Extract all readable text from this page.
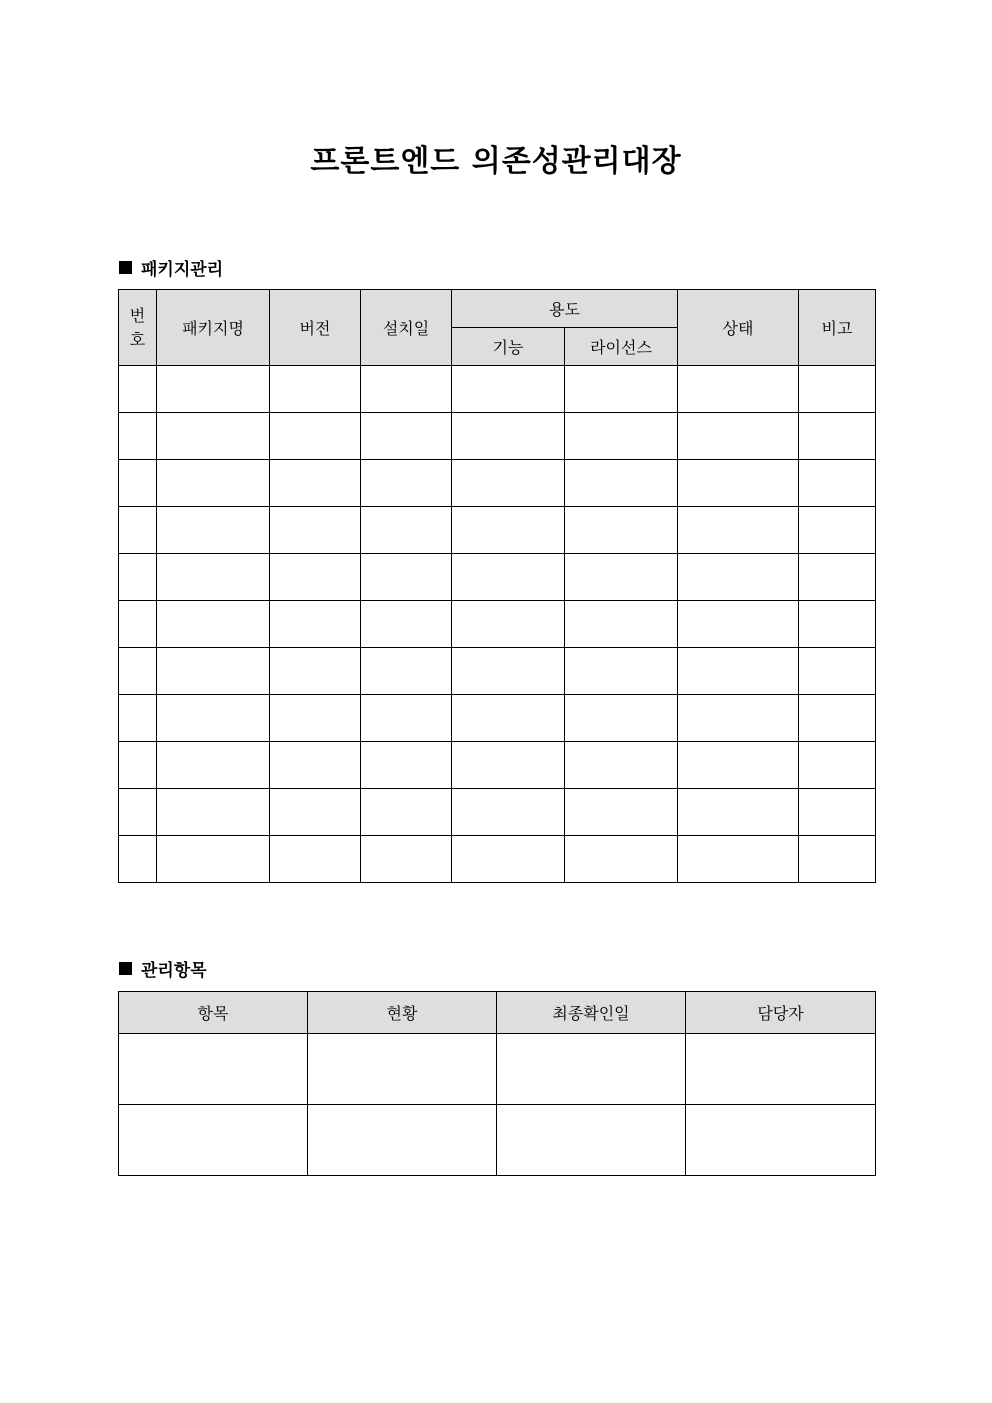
프론트엔드 의존성관리대장
패키지관리
번
호	패키지명	버전	설치일	용도		상태	비고
				기능	라이선스		

관리항목
항목	현황	최종확인일	담당자
